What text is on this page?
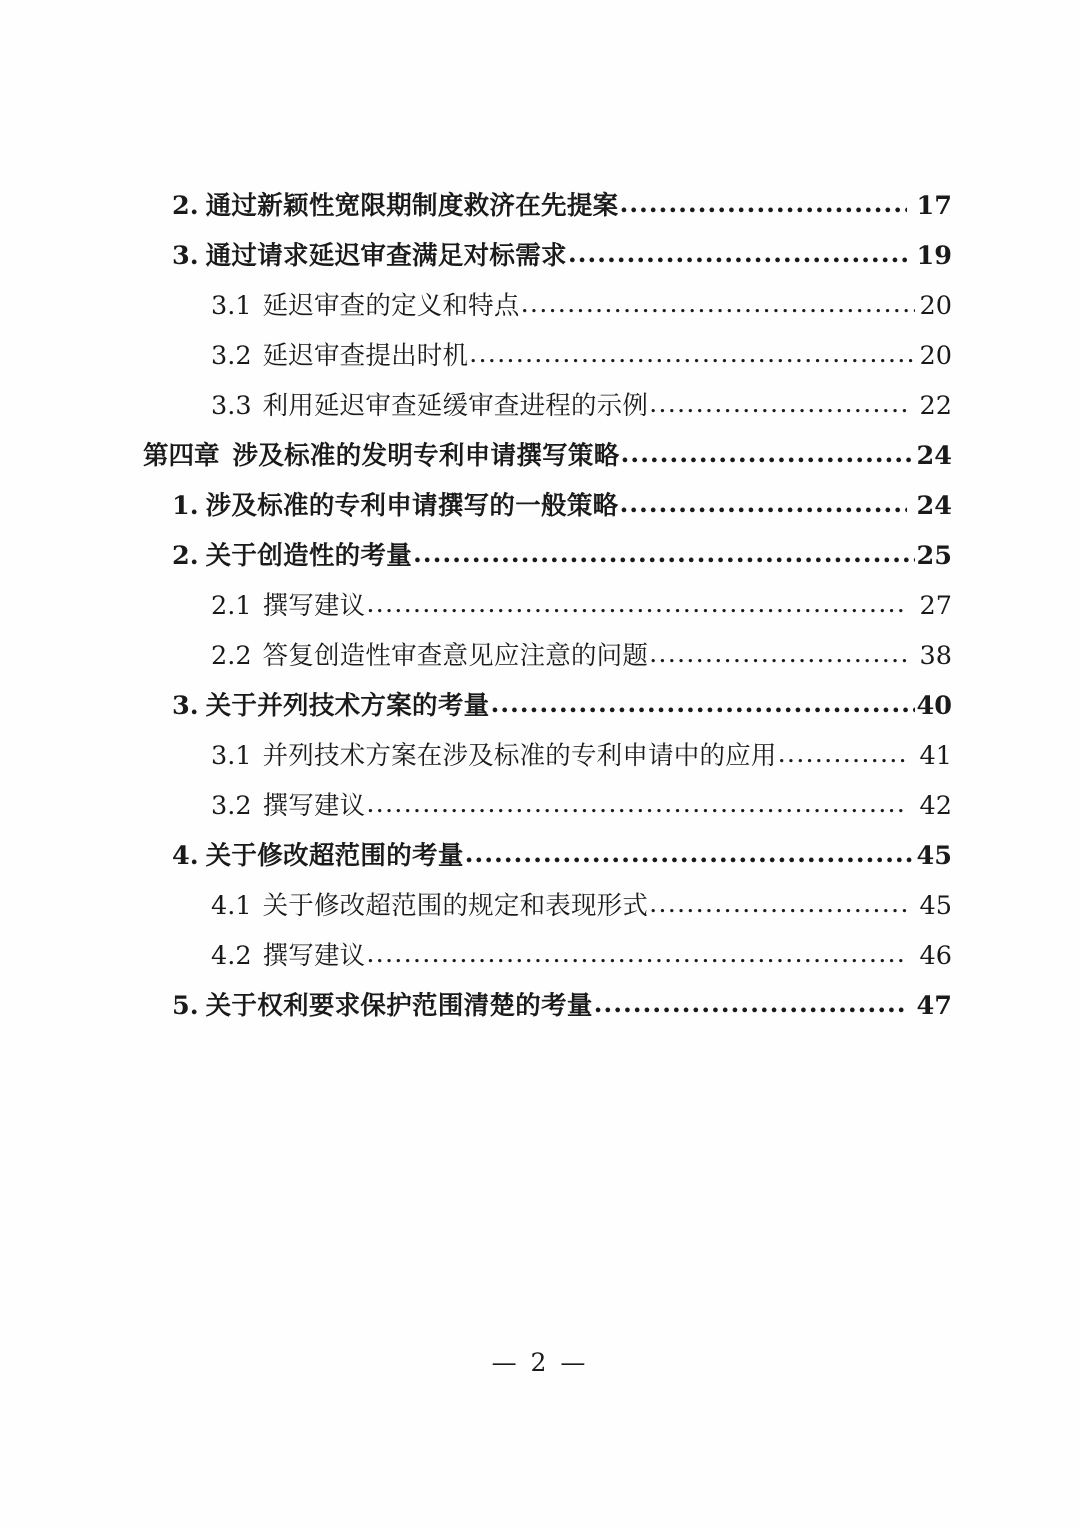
2. 通过新颖性宽限期制度救济在先提案 .....	17
3. 通过请求延迟审查满足对标需求 .....	19
3.1 延迟审查的定义和特点 .....	20
3.2 延迟审查提出时机 .....	20
3.3 利用延迟审查延缓审查进程的示例 .....	22
第四章 涉及标准的发明专利申请撰写策略 .....	24
1. 涉及标准的专利申请撰写的一般策略 .....	24
2. 关于创造性的考量 .....	25
2.1 撰写建议 .....	27
2.2 答复创造性审查意见应注意的问题 .....	38
3. 关于并列技术方案的考量 .....	40
3.1 并列技术方案在涉及标准的专利申请中的应用 .....	41
3.2 撰写建议 .....	42
4. 关于修改超范围的考量 .....	45
4.1 关于修改超范围的规定和表现形式 .....	45
4.2 撰写建议 .....	46
5. 关于权利要求保护范围清楚的考量 .....	47
— 2 —
